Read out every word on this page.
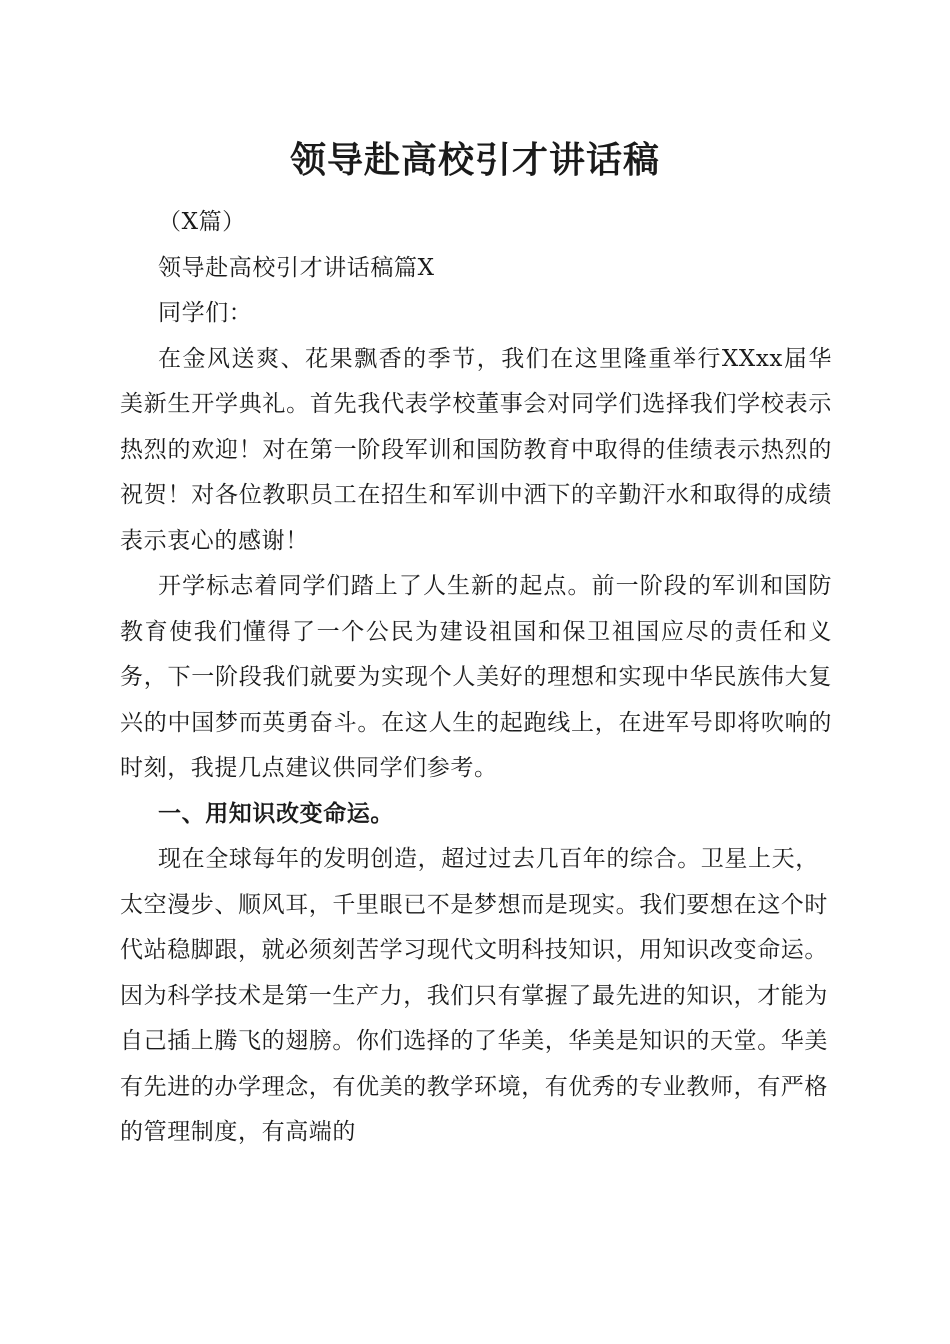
领导赴高校引才讲话稿

（X篇）

领导赴高校引才讲话稿篇X

同学们：

在金风送爽、花果飘香的季节，我们在这里隆重举行XXxx届华美新生开学典礼。首先我代表学校董事会对同学们选择我们学校表示热烈的欢迎！对在第一阶段军训和国防教育中取得的佳绩表示热烈的祝贺！对各位教职员工在招生和军训中洒下的辛勤汗水和取得的成绩表示衷心的感谢！

开学标志着同学们踏上了人生新的起点。前一阶段的军训和国防教育使我们懂得了一个公民为建设祖国和保卫祖国应尽的责任和义务，下一阶段我们就要为实现个人美好的理想和实现中华民族伟大复兴的中国梦而英勇奋斗。在这人生的起跑线上，在进军号即将吹响的时刻，我提几点建议供同学们参考。

一、用知识改变命运。

现在全球每年的发明创造，超过过去几百年的综合。卫星上天，太空漫步、顺风耳，千里眼已不是梦想而是现实。我们要想在这个时代站稳脚跟，就必须刻苦学习现代文明科技知识，用知识改变命运。因为科学技术是第一生产力，我们只有掌握了最先进的知识，才能为自己插上腾飞的翅膀。你们选择的了华美，华美是知识的天堂。华美有先进的办学理念，有优美的教学环境，有优秀的专业教师，有严格的管理制度，有高端的
